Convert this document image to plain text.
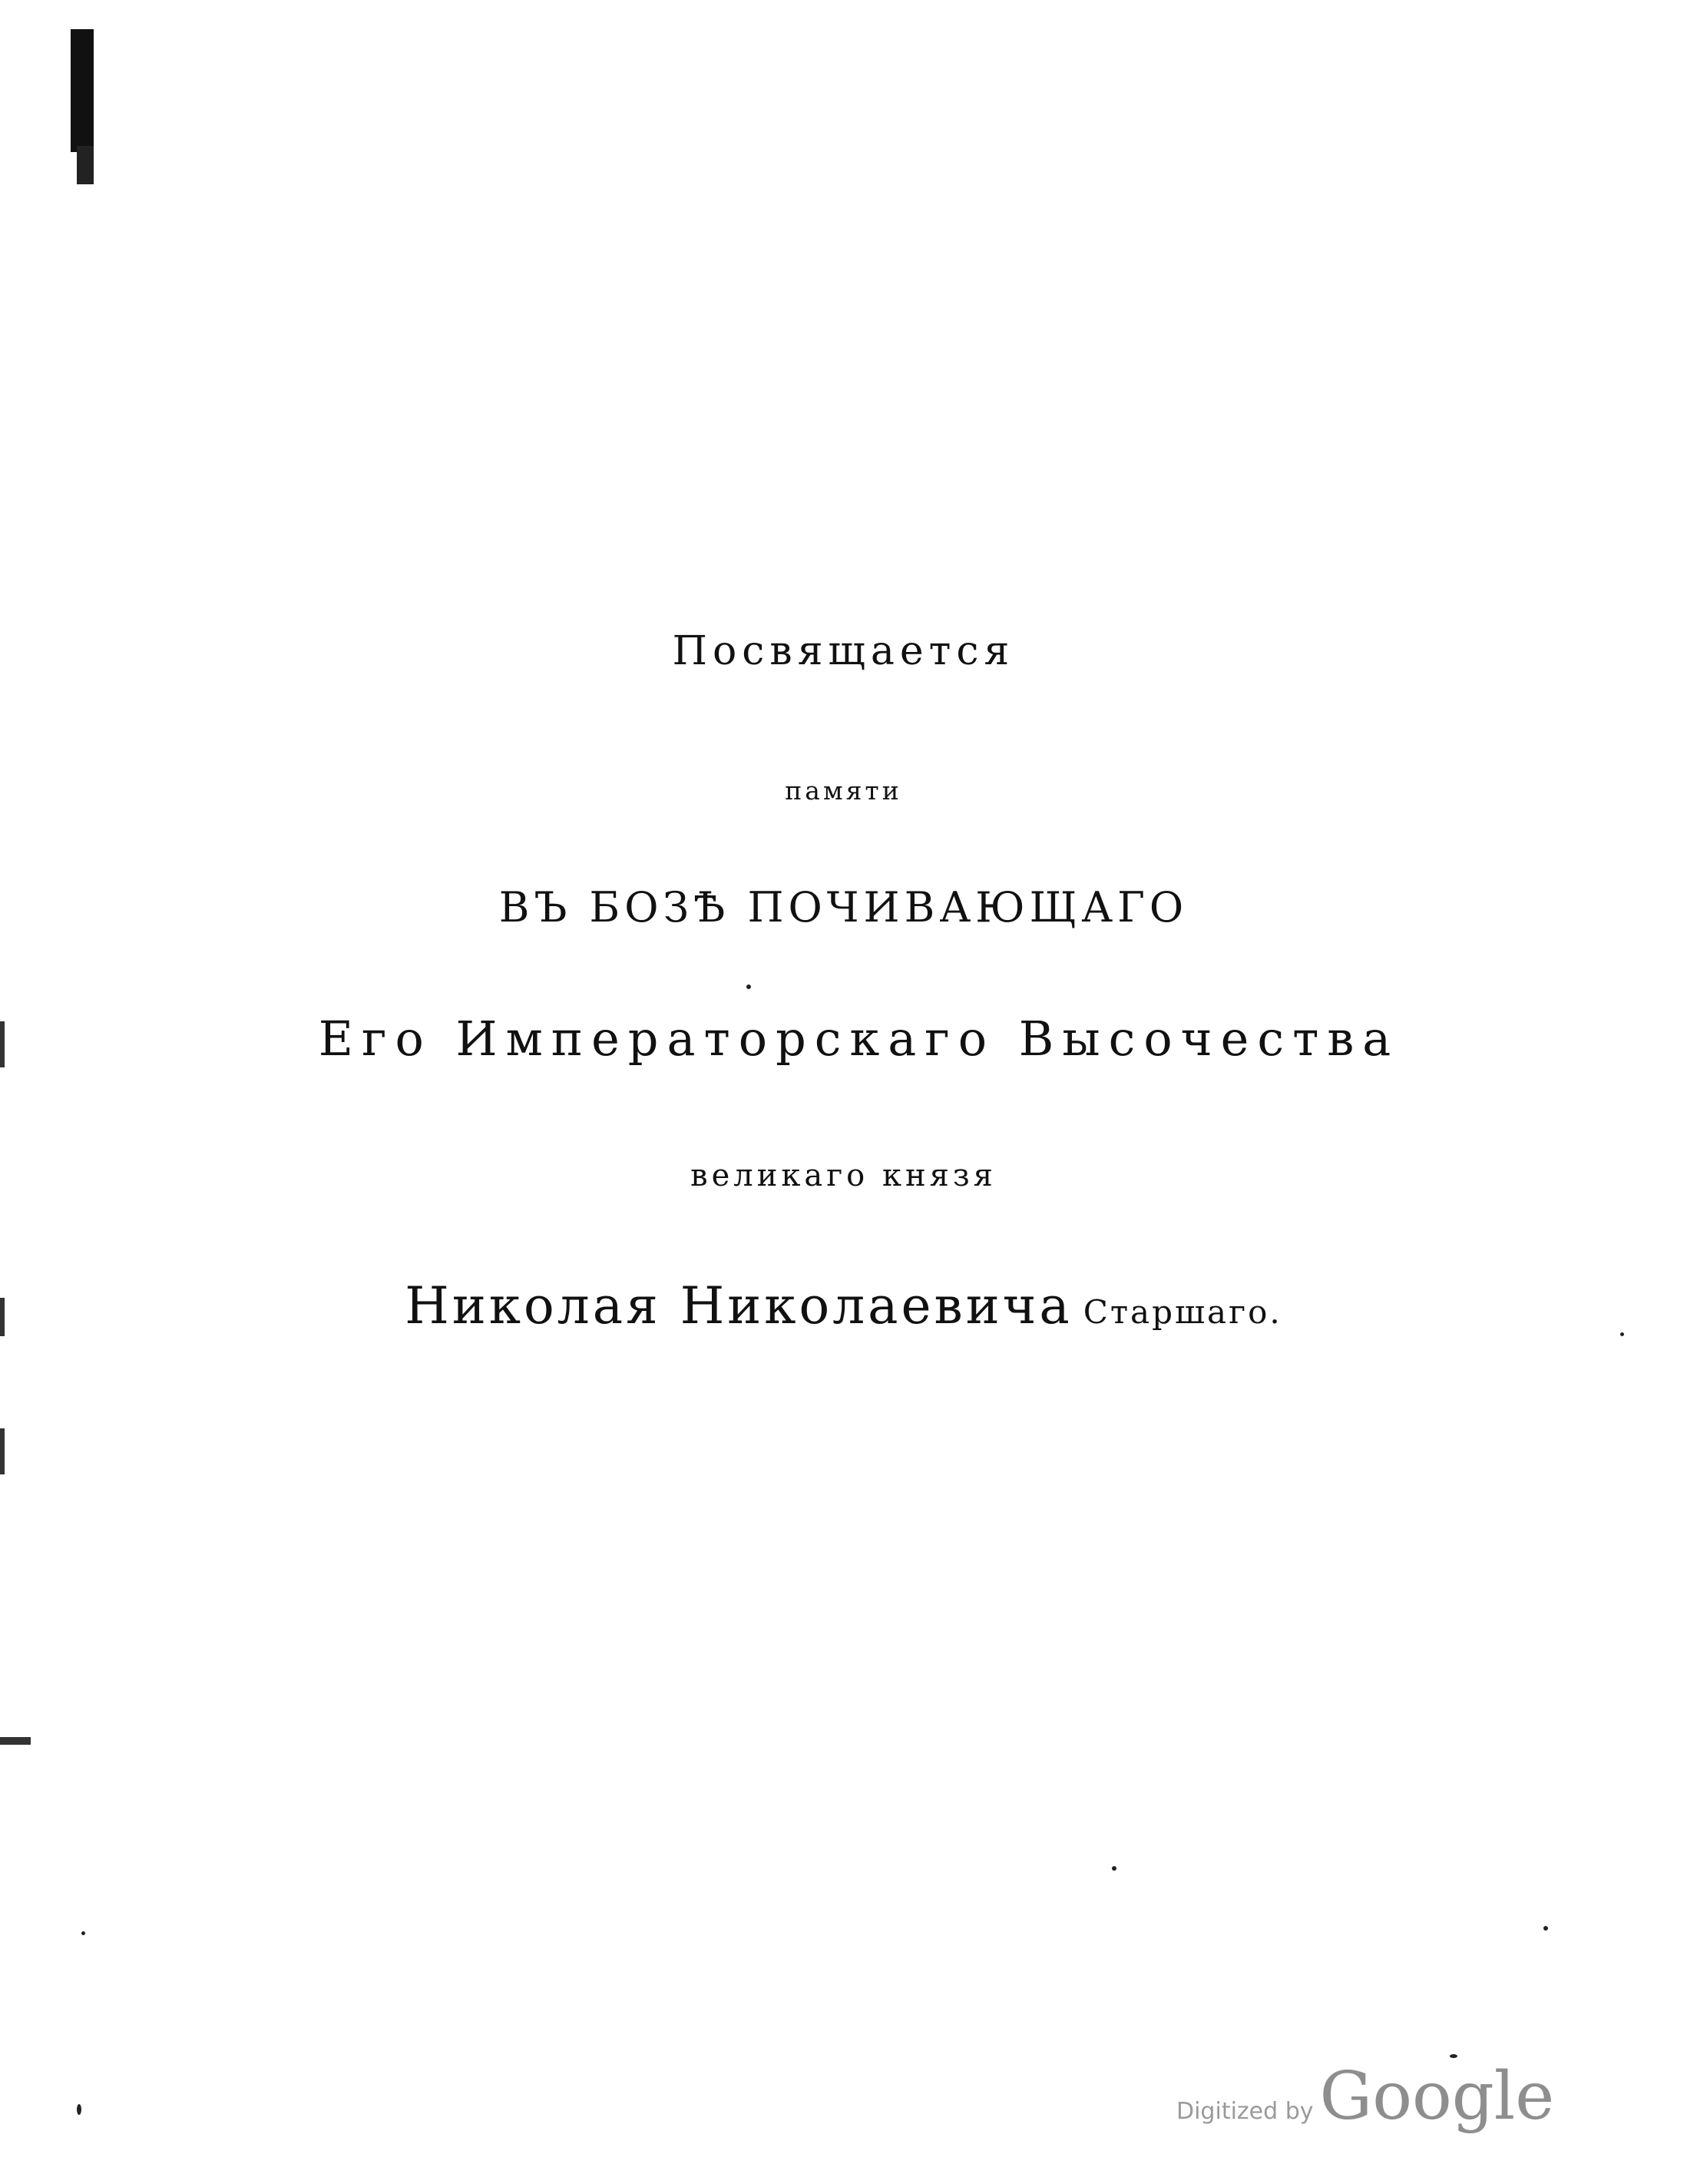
Посвящается
памяти
ВЪ БОЗѢ ПОЧИВАЮЩАГО
Его Императорскаго Высочества
великаго князя
Николая Николаевича Старшаго.
Digitized byGoogle
